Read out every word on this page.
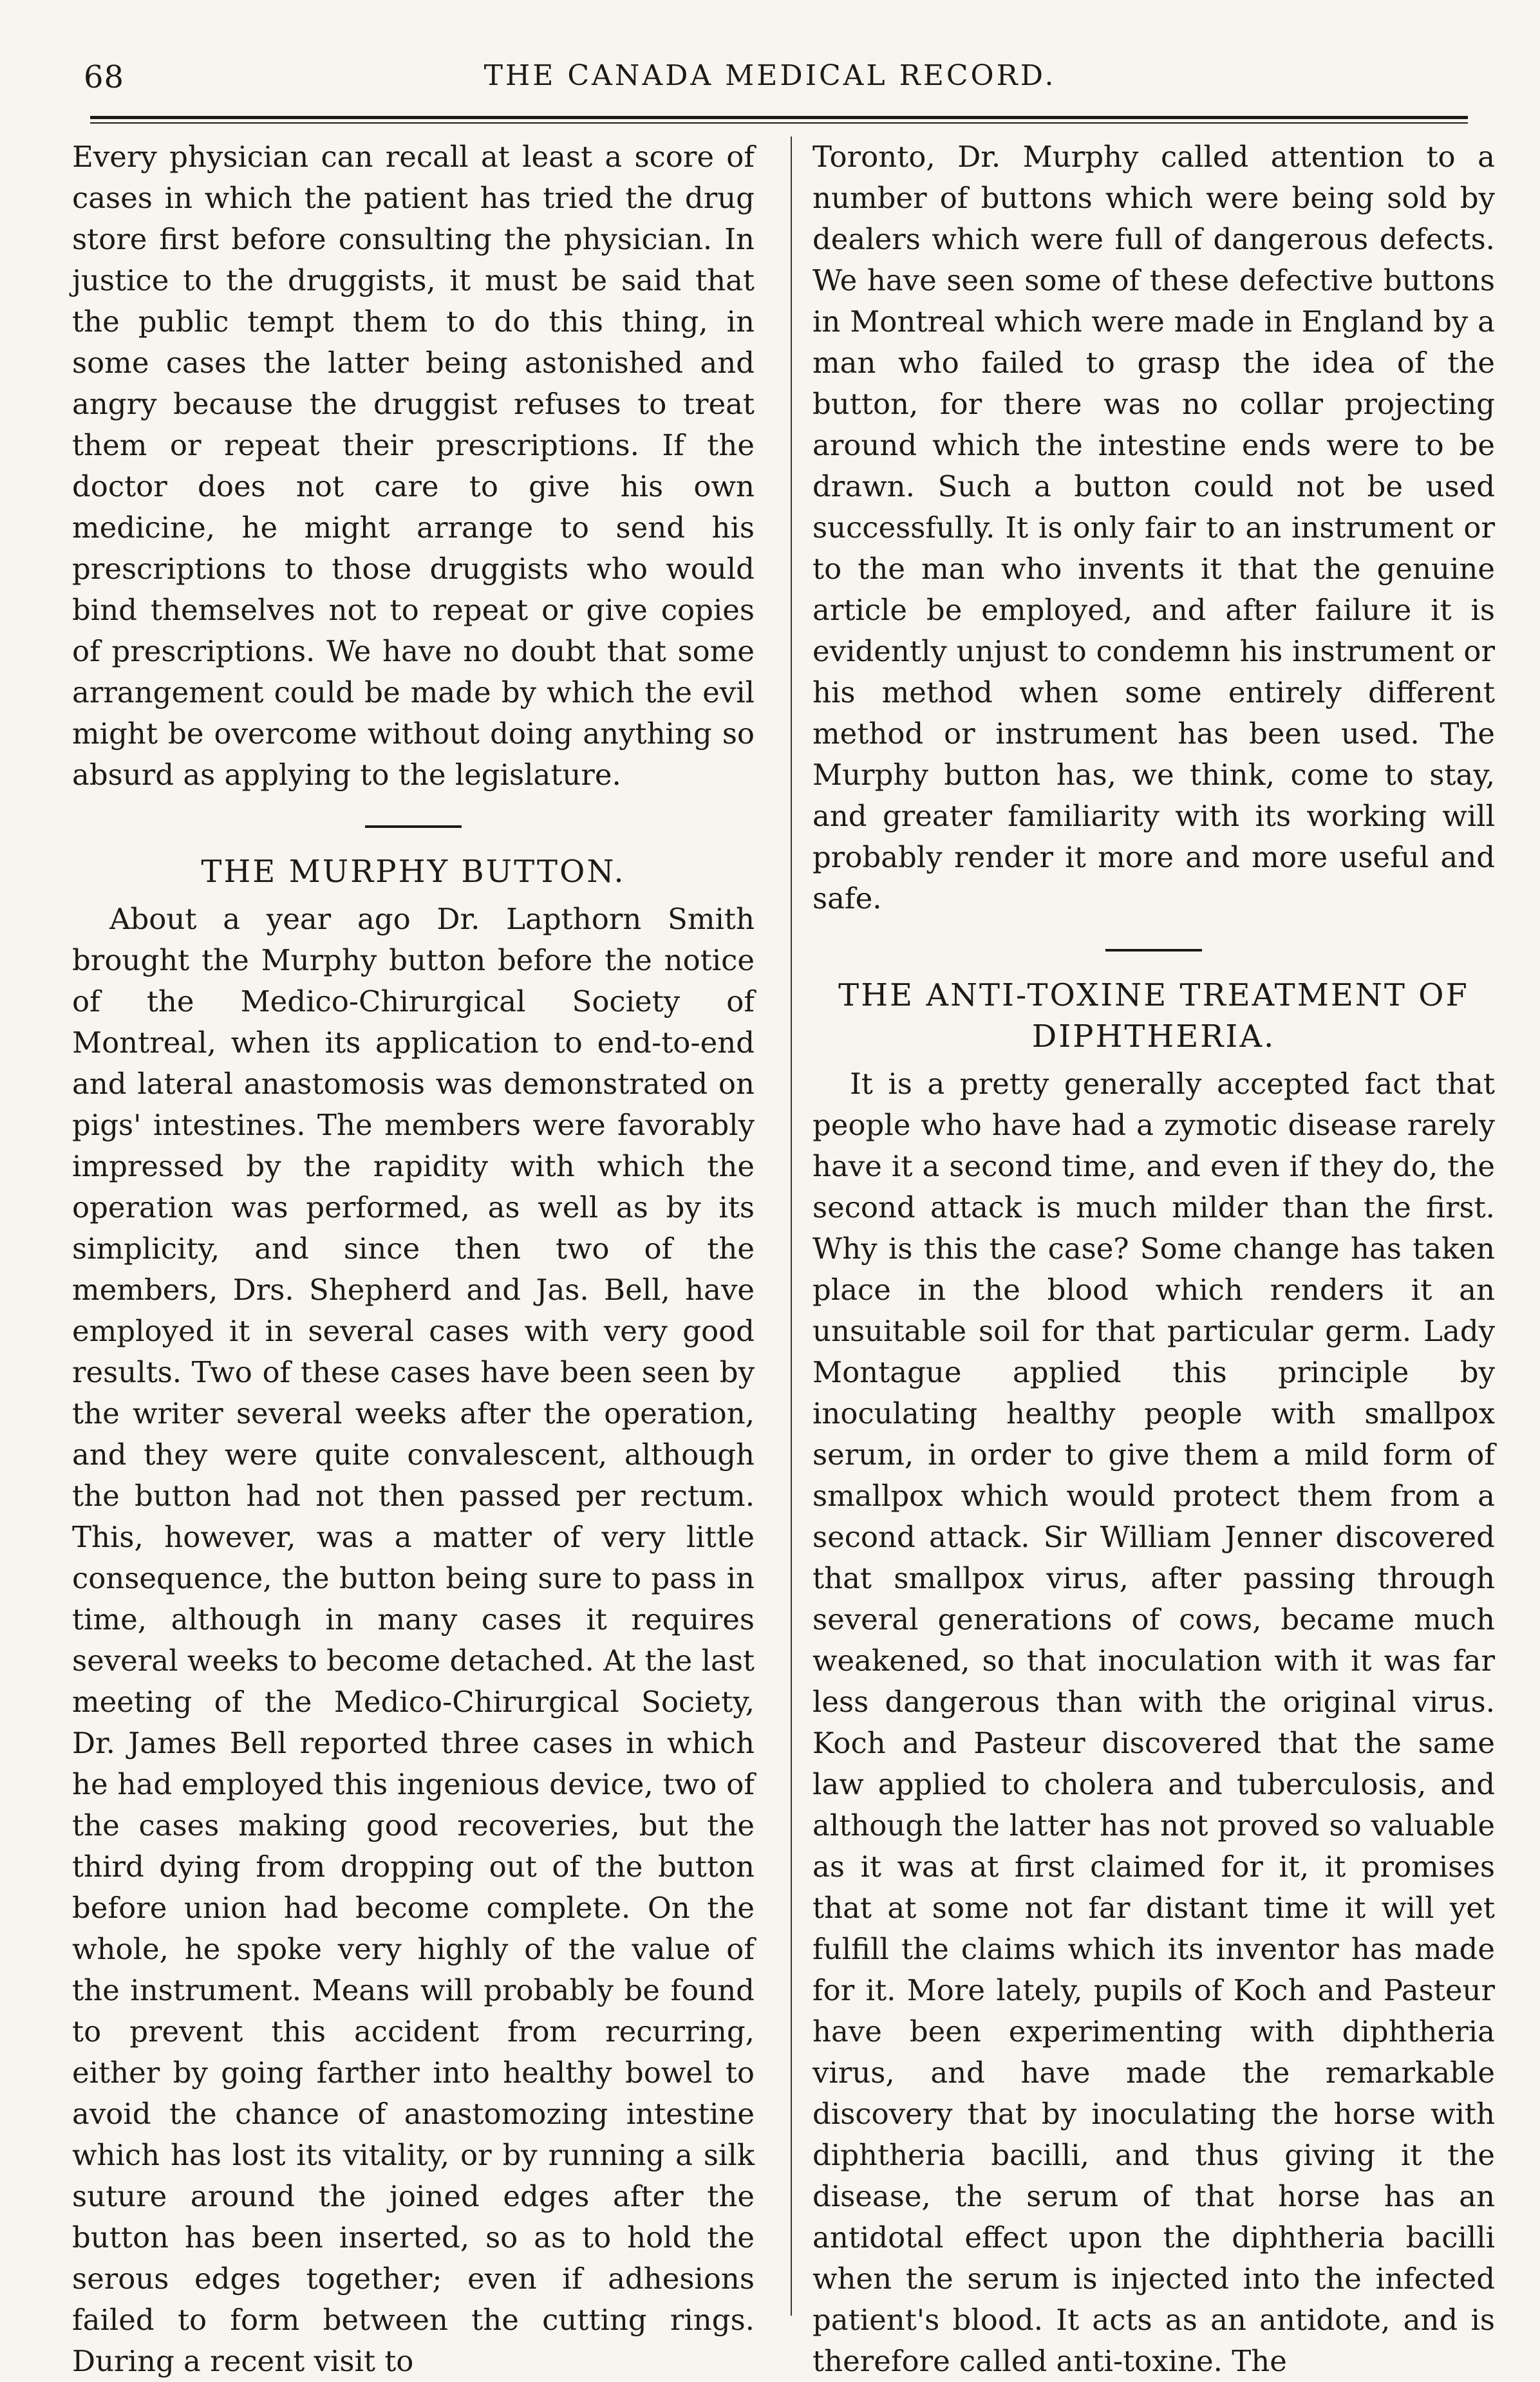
68	THE CANADA MEDICAL RECORD.

Every physician can recall at least a score of cases in which the patient has tried the drug store first before consulting the physician. In justice to the druggists, it must be said that the public tempt them to do this thing, in some cases the latter being astonished and angry because the druggist refuses to treat them or repeat their prescriptions. If the doctor does not care to give his own medicine, he might arrange to send his prescriptions to those druggists who would bind themselves not to repeat or give copies of prescriptions. We have no doubt that some arrangement could be made by which the evil might be overcome without doing anything so absurd as applying to the legislature.

THE MURPHY BUTTON.

About a year ago Dr. Lapthorn Smith brought the Murphy button before the notice of the Medico-Chirurgical Society of Montreal, when its application to end-to-end and lateral anastomosis was demonstrated on pigs' intestines. The members were favorably impressed by the rapidity with which the operation was performed, as well as by its simplicity, and since then two of the members, Drs. Shepherd and Jas. Bell, have employed it in several cases with very good results. Two of these cases have been seen by the writer several weeks after the operation, and they were quite convalescent, although the button had not then passed per rectum. This, however, was a matter of very little consequence, the button being sure to pass in time, although in many cases it requires several weeks to become detached. At the last meeting of the Medico-Chirurgical Society, Dr. James Bell reported three cases in which he had employed this ingenious device, two of the cases making good recoveries, but the third dying from dropping out of the button before union had become complete. On the whole, he spoke very highly of the value of the instrument. Means will probably be found to prevent this accident from recurring, either by going farther into healthy bowel to avoid the chance of anastomozing intestine which has lost its vitality, or by running a silk suture around the joined edges after the button has been inserted, so as to hold the serous edges together; even if adhesions failed to form between the cutting rings. During a recent visit to

Toronto, Dr. Murphy called attention to a number of buttons which were being sold by dealers which were full of dangerous defects. We have seen some of these defective buttons in Montreal which were made in England by a man who failed to grasp the idea of the button, for there was no collar projecting around which the intestine ends were to be drawn. Such a button could not be used successfully. It is only fair to an instrument or to the man who invents it that the genuine article be employed, and after failure it is evidently unjust to condemn his instrument or his method when some entirely different method or instrument has been used. The Murphy button has, we think, come to stay, and greater familiarity with its working will probably render it more and more useful and safe.

THE ANTI-TOXINE TREATMENT OF
DIPHTHERIA.

It is a pretty generally accepted fact that people who have had a zymotic disease rarely have it a second time, and even if they do, the second attack is much milder than the first. Why is this the case? Some change has taken place in the blood which renders it an unsuitable soil for that particular germ. Lady Montague applied this principle by inoculating healthy people with smallpox serum, in order to give them a mild form of smallpox which would protect them from a second attack. Sir William Jenner discovered that smallpox virus, after passing through several generations of cows, became much weakened, so that inoculation with it was far less dangerous than with the original virus. Koch and Pasteur discovered that the same law applied to cholera and tuberculosis, and although the latter has not proved so valuable as it was at first claimed for it, it promises that at some not far distant time it will yet fulfill the claims which its inventor has made for it. More lately, pupils of Koch and Pasteur have been experimenting with diphtheria virus, and have made the remarkable discovery that by inoculating the horse with diphtheria bacilli, and thus giving it the disease, the serum of that horse has an antidotal effect upon the diphtheria bacilli when the serum is injected into the infected patient's blood. It acts as an antidote, and is therefore called anti-toxine. The
